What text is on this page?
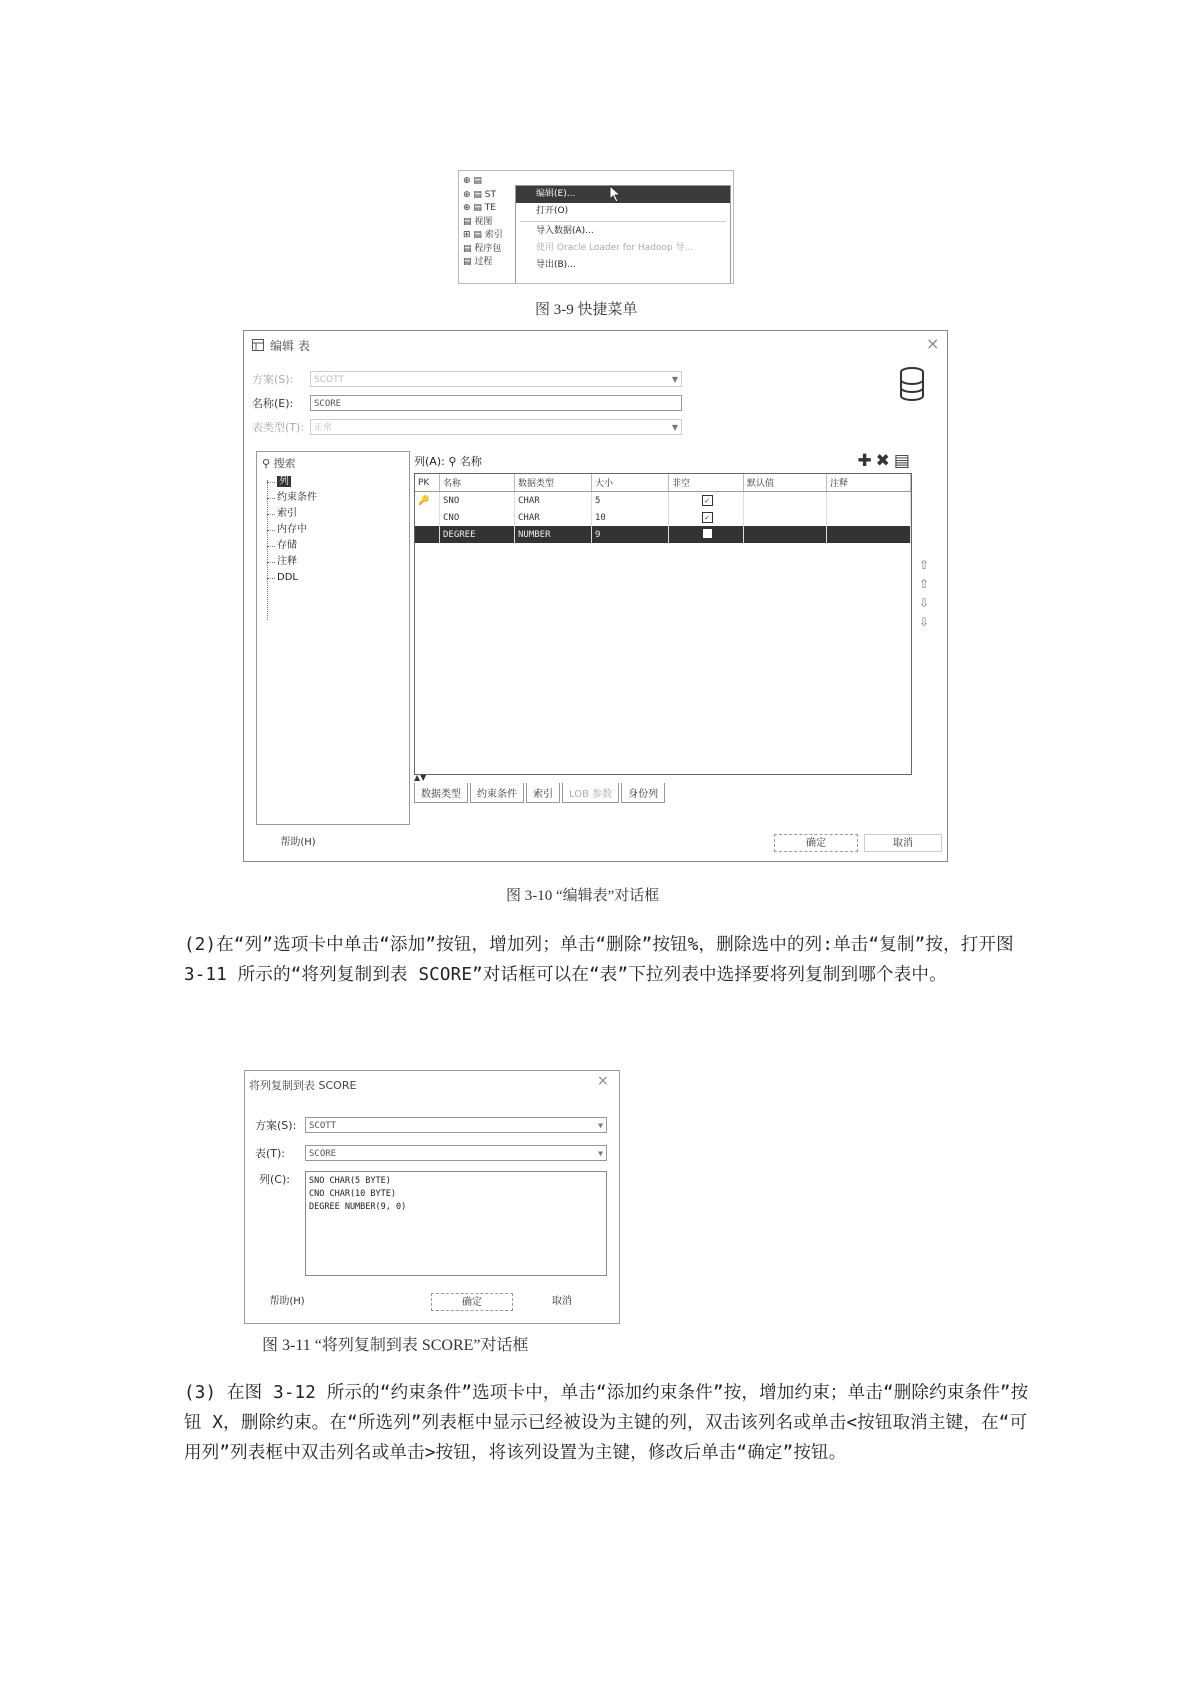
⊕ ▤
⊕ ▤ ST
⊕ ▤ TE
▤ 视图
⊞ ▤ 索引
▤ 程序包
▤ 过程
编辑(E)...
打开(O)
导入数据(A)...
使用 Oracle Loader for Hadoop 导...
导出(B)...
图 3-9 快捷菜单
编辑 表	×
方案(S):	SCOTT	▼
名称(E):	SCORE
表类型(T):	正常	▼
⚲ 搜索
列
约束条件
索引
内存中
存储
注释
DDL
列(A): ⚲ 名称	✚✖▤
PK	名称	数据类型	大小	非空	默认值	注释
🔑	SNO	CHAR	5	✓		
	CNO	CHAR	10	✓		
	DEGREE	NUMBER	9			
⇧
⇧
⇩
⇩
▲▼
数据类型 约束条件 索引 LOB 参数 身份列
帮助(H)	确定	取消
图 3-10 “编辑表”对话框
(2)在“列”选项卡中单击“添加”按钮，增加列；单击“删除”按钮%，删除选中的列:单击“复制”按，打开图 3-11 所示的“将列复制到表 SCORE”对话框可以在“表”下拉列表中选择要将列复制到哪个表中。
将列复制到表 SCORE	×
方案(S):	SCOTT	▼
表(T):	SCORE	▼
列(C): SNO CHAR(5 BYTE)
CNO CHAR(10 BYTE)
DEGREE NUMBER(9, 0)
帮助(H)	确定	取消
图 3-11 “将列复制到表 SCORE”对话框
(3) 在图 3-12 所示的“约束条件”选项卡中，单击“添加约束条件”按，增加约束；单击“删除约束条件”按钮 X，删除约束。在“所选列”列表框中显示已经被设为主键的列，双击该列名或单击<按钮取消主键，在“可用列”列表框中双击列名或单击>按钮，将该列设置为主键，修改后单击“确定”按钮。
